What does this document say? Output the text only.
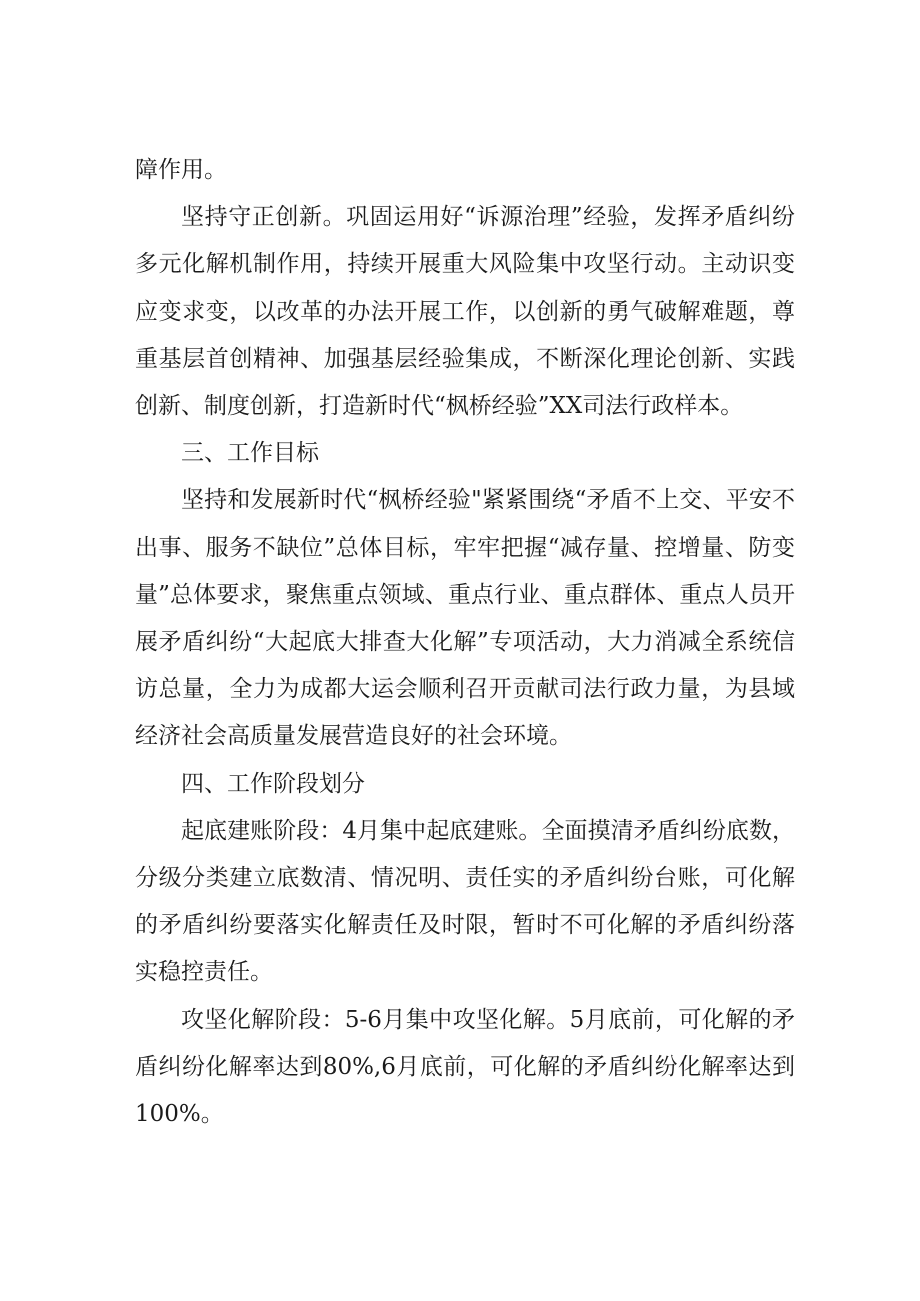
障作用。

坚持守正创新。巩固运用好“诉源治理”经验，发挥矛盾纠纷多元化解机制作用，持续开展重大风险集中攻坚行动。主动识变应变求变，以改革的办法开展工作，以创新的勇气破解难题，尊重基层首创精神、加强基层经验集成，不断深化理论创新、实践创新、制度创新，打造新时代“枫桥经验”XX司法行政样本。

三、工作目标

坚持和发展新时代“枫桥经验"紧紧围绕“矛盾不上交、平安不出事、服务不缺位”总体目标，牢牢把握“减存量、控增量、防变量”总体要求，聚焦重点领域、重点行业、重点群体、重点人员开展矛盾纠纷“大起底大排查大化解”专项活动，大力消减全系统信访总量，全力为成都大运会顺利召开贡献司法行政力量，为县域经济社会高质量发展营造良好的社会环境。

四、工作阶段划分

起底建账阶段：4月集中起底建账。全面摸清矛盾纠纷底数，分级分类建立底数清、情况明、责任实的矛盾纠纷台账，可化解的矛盾纠纷要落实化解责任及时限，暂时不可化解的矛盾纠纷落实稳控责任。

攻坚化解阶段：5-6月集中攻坚化解。5月底前，可化解的矛盾纠纷化解率达到80%,6月底前，可化解的矛盾纠纷化解率达到100%。
